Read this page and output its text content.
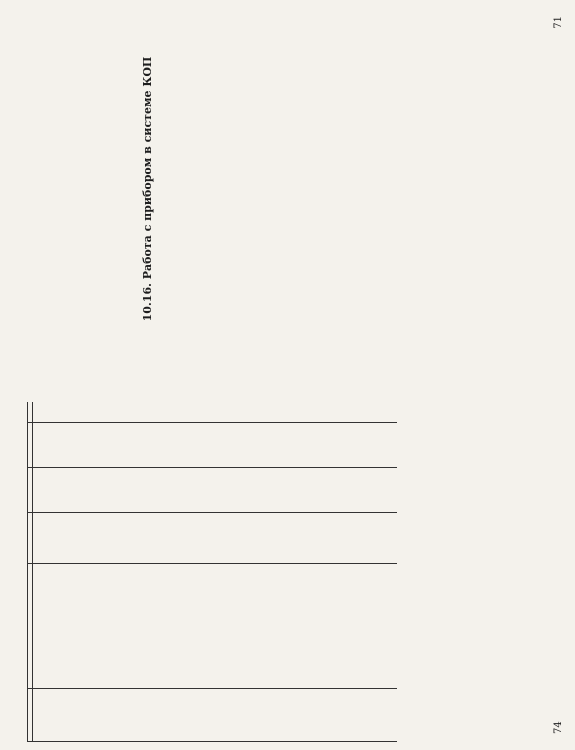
74

10.16. Работа с прибором в системе КОП

71
